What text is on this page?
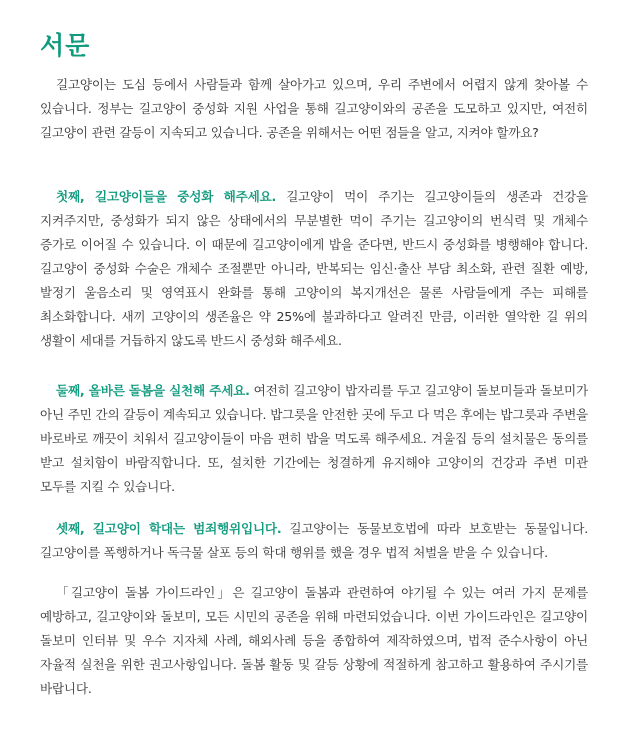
서문

길고양이는 도심 등에서 사람들과 함께 살아가고 있으며, 우리 주변에서 어렵지 않게 찾아볼 수 있습니다. 정부는 길고양이 중성화 지원 사업을 통해 길고양이와의 공존을 도모하고 있지만, 여전히 길고양이 관련 갈등이 지속되고 있습니다. 공존을 위해서는 어떤 점들을 알고, 지켜야 할까요?

첫째, 길고양이들을 중성화 해주세요. 길고양이 먹이 주기는 길고양이들의 생존과 건강을 지켜주지만, 중성화가 되지 않은 상태에서의 무분별한 먹이 주기는 길고양이의 번식력 및 개체수 증가로 이어질 수 있습니다. 이 때문에 길고양이에게 밥을 준다면, 반드시 중성화를 병행해야 합니다. 길고양이 중성화 수술은 개체수 조절뿐만 아니라, 반복되는 임신·출산 부담 최소화, 관련 질환 예방, 발정기 울음소리 및 영역표시 완화를 통해 고양이의 복지개선은 물론 사람들에게 주는 피해를 최소화합니다. 새끼 고양이의 생존율은 약 25%에 불과하다고 알려진 만큼, 이러한 열악한 길 위의 생활이 세대를 거듭하지 않도록 반드시 중성화 해주세요.

둘째, 올바른 돌봄을 실천해 주세요. 여전히 길고양이 밥자리를 두고 길고양이 돌보미들과 돌보미가 아닌 주민 간의 갈등이 계속되고 있습니다. 밥그릇을 안전한 곳에 두고 다 먹은 후에는 밥그릇과 주변을 바로바로 깨끗이 치워서 길고양이들이 마음 편히 밥을 먹도록 해주세요. 겨울집 등의 설치물은 동의를 받고 설치함이 바람직합니다. 또, 설치한 기간에는 청결하게 유지해야 고양이의 건강과 주변 미관 모두를 지킬 수 있습니다.

셋째, 길고양이 학대는 범죄행위입니다. 길고양이는 동물보호법에 따라 보호받는 동물입니다. 길고양이를 폭행하거나 독극물 살포 등의 학대 행위를 했을 경우 법적 처벌을 받을 수 있습니다.

「길고양이 돌봄 가이드라인」은 길고양이 돌봄과 관련하여 야기될 수 있는 여러 가지 문제를 예방하고, 길고양이와 돌보미, 모든 시민의 공존을 위해 마련되었습니다. 이번 가이드라인은 길고양이 돌보미 인터뷰 및 우수 지자체 사례, 해외사례 등을 종합하여 제작하였으며, 법적 준수사항이 아닌 자율적 실천을 위한 권고사항입니다. 돌봄 활동 및 갈등 상황에 적절하게 참고하고 활용하여 주시기를 바랍니다.
